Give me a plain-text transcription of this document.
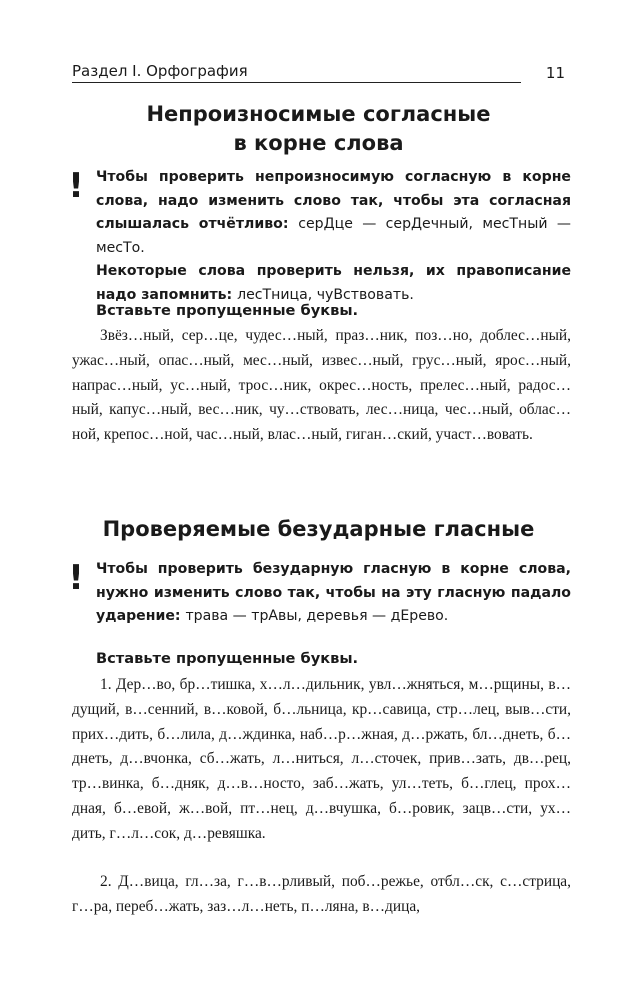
Раздел I. Орфография	11
Непроизносимые согласные
в корне слова
! Чтобы проверить непроизносимую согласную в корне слова, надо изменить слово так, чтобы эта согласная слышалась отчётливо: серДце — серДечный, месТный — месТо.
Некоторые слова проверить нельзя, их правописание надо запомнить: лесТница, чуВствовать.
Вставьте пропущенные буквы.

Звёз…ный, сер…це, чудес…ный, праз…ник, поз…но, доблес…ный, ужас…ный, опас…ный, мес…ный, извес…ный, грус…ный, ярос…ный, напрас…ный, ус…ный, трос…ник, окрес…ность, прелес…ный, радос…ный, капус…ный, вес…ник, чу…ствовать, лес…ница, чес…ный, облас…ной, крепос…ной, час…ный, влас…ный, гиган…ский, участ…вовать.

Проверяемые безударные гласные
! Чтобы проверить безударную гласную в корне слова, нужно изменить слово так, чтобы на эту гласную падало ударение: трава — трАвы, деревья — дЕрево.
Вставьте пропущенные буквы.

1. Дер…во, бр…тишка, х…л…дильник, увл…жняться, м…рщины, в…дущий, в…сенний, в…ковой, б…льница, кр…савица, стр…лец, выв…сти, прих…дить, б…лила, д…ждинка, наб…р…жная, д…ржать, бл…днеть, б…днеть, д…вчонка, сб…жать, л…ниться, л…сточек, прив…зать, дв…рец, тр…винка, б…дняк, д…в…носто, заб…жать, ул…теть, б…глец, прох…дная, б…евой, ж…вой, пт…нец, д…вчушка, б…ровик, зацв…сти, ух…дить, г…л…сок, д…ревяшка.

2. Д…вица, гл…за, г…в…рливый, поб…режье, отбл…ск, с…стрица, г…ра, переб…жать, заз…л…неть, п…ляна, в…дица,
